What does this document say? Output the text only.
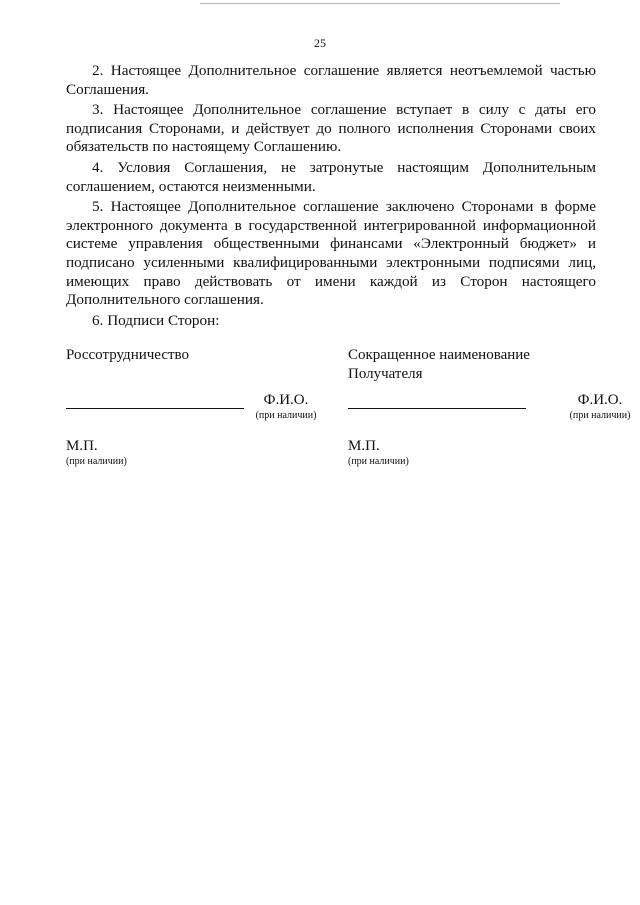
25

2. Настоящее Дополнительное соглашение является неотъемлемой частью Соглашения.

3. Настоящее Дополнительное соглашение вступает в силу с даты его подписания Сторонами, и действует до полного исполнения Сторонами своих обязательств по настоящему Соглашению.

4. Условия Соглашения, не затронутые настоящим Дополнительным соглашением, остаются неизменными.

5. Настоящее Дополнительное соглашение заключено Сторонами в форме электронного документа в государственной интегрированной информационной системе управления общественными финансами «Электронный бюджет» и подписано усиленными квалифицированными электронными подписями лиц, имеющих право действовать от имени каждой из Сторон настоящего Дополнительного соглашения.

6. Подписи Сторон:

Россотрудничество
Ф.И.О.
(при наличии)
М.П.
(при наличии)
Сокращенное наименование
Получателя
Ф.И.О.
(при наличии)
М.П.
(при наличии)
